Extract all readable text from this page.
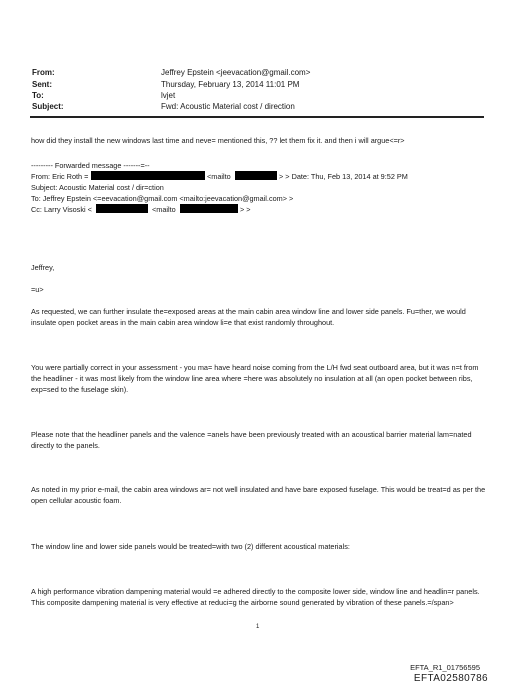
From:	Jeffrey Epstein <jeevacation@gmail.com>
Sent:	Thursday, February 13, 2014 11:01 PM
To:	lvjet
Subject:	Fwd: Acoustic Material cost / direction
how did they install the new windows last time and neve= mentioned this, ?? let them fix it. and then i will argue<=r>
--------- Forwarded message -------=--
From: Eric Roth =	<mailto	> > Date: Thu, Feb 13, 2014 at 9:52 PM
Subject: Acoustic Material cost / dir=ction
To: Jeffrey Epstein <=eevacation@gmail.com <mailto:jeevacation@gmail.com> >
Cc: Larry Visoski <	<mailto	> >
Jeffrey,
=u>
As requested, we can further insulate the=exposed areas at the main cabin area window line and lower side panels. Fu=ther, we would insulate open pocket areas in the main cabin area window li=e that exist randomly throughout.
You were partially correct in your assessment - you ma= have heard noise coming from the L/H fwd seat outboard area, but it was n=t from the headliner - it was most likely from the window line area where =here was absolutely no insulation at all (an open pocket between ribs, exp=sed to the fuselage skin).
Please note that the headliner panels and the valence =anels have been previously treated with an acoustical barrier material lam=nated directly to the panels.
As noted in my prior e-mail, the cabin area windows ar= not well insulated and have bare exposed fuselage. This would be treat=d as per the open cellular acoustic foam.
The window line and lower side panels would be treated=with two (2) different acoustical materials:
A high performance vibration dampening material would =e adhered directly to the composite lower side, window line and headlin=r panels. This composite dampening material is very effective at reduci=g the airborne sound generated by vibration of these panels.=/span>
1
EFTA_R1_01756595
EFTA02580786
